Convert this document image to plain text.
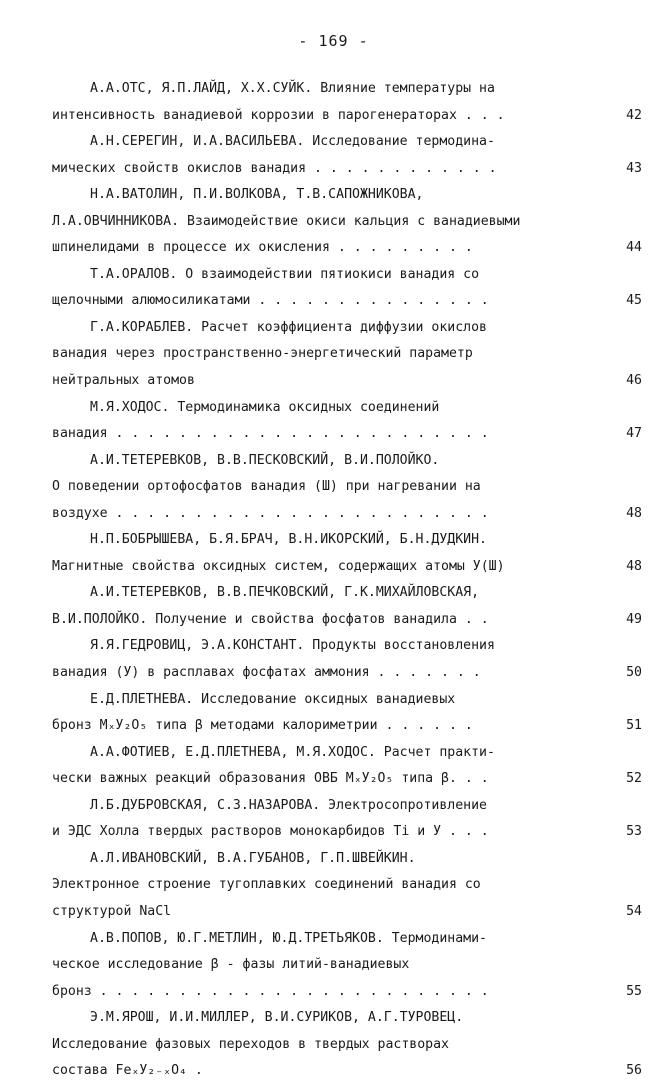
- 169 -
А.А.ОТС, Я.П.ЛАЙД, Х.Х.СУЙК. Влияние температуры на
интенсивность ванадиевой коррозии в парогенераторах . . .	42
А.Н.СЕРЕГИН, И.А.ВАСИЛЬЕВА. Исследование термодина-
мических свойств окислов ванадия . . . . . . . . . . . .	43
Н.А.ВАТОЛИН, П.И.ВОЛКОВА, Т.В.САПОЖНИКОВА,
Л.А.ОВЧИННИКОВА. Взаимодействие окиси кальция с ванадиевыми
шпинелидами в процессе их окисления . . . . . . . . .	44
Т.А.ОРАЛОВ. О взаимодействии пятиокиси ванадия со
щелочными алюмосиликатами . . . . . . . . . . . . . . .	45
Г.А.КОРАБЛЕВ. Расчет коэффициента диффузии окислов
ванадия через пространственно-энергетический параметр
нейтральных атомов	46
М.Я.ХОДОС. Термодинамика оксидных соединений
ванадия . . . . . . . . . . . . . . . . . . . . . . . .	47
А.И.ТЕТЕРЕВКОВ, В.В.ПЕСКОВСКИЙ, В.И.ПОЛОЙКО.
О поведении ортофосфатов ванадия (Ш) при нагревании на
воздухе . . . . . . . . . . . . . . . . . . . . . . . .	48
Н.П.БОБРЫШЕВА, Б.Я.БРАЧ, В.Н.ИКОРСКИЙ, Б.Н.ДУДКИН.
Магнитные свойства оксидных систем, содержащих атомы У(Ш)	48
А.И.ТЕТЕРЕВКОВ, В.В.ПЕЧКОВСКИЙ, Г.К.МИХАЙЛОВСКАЯ,
В.И.ПОЛОЙКО. Получение и свойства фосфатов ванадила . .	49
Я.Я.ГЕДРОВИЦ, Э.А.КОНСТАНТ. Продукты восстановления
ванадия (У) в расплавах фосфатах аммония . . . . . . .	50
Е.Д.ПЛЕТНЕВА. Исследование оксидных ванадиевых
бронз MₓУ₂O₅ типа β методами калориметрии . . . . . .	51
А.А.ФОТИЕВ, Е.Д.ПЛЕТНЕВА, М.Я.ХОДОС. Расчет практи-
чески важных реакций образования ОВБ MₓУ₂O₅ типа β. . .	52
Л.Б.ДУБРОВСКАЯ, С.З.НАЗАРОВА. Электросопротивление
и ЭДС Холла твердых растворов монокарбидов Ti и У . . .	53
А.Л.ИВАНОВСКИЙ, В.А.ГУБАНОВ, Г.П.ШВЕЙКИН.
Электронное строение тугоплавких соединений ванадия со
структурой NaCl	54
А.В.ПОПОВ, Ю.Г.МЕТЛИН, Ю.Д.ТРЕТЬЯКОВ. Термодинами-
ческое исследование β - фазы литий-ванадиевых
бронз . . . . . . . . . . . . . . . . . . . . . . . . .	55
Э.М.ЯРОШ, И.И.МИЛЛЕР, В.И.СУРИКОВ, А.Г.ТУРОВЕЦ.
Исследование фазовых переходов в твердых растворах
состава FeₓУ₂₋ₓO₄ .	56
